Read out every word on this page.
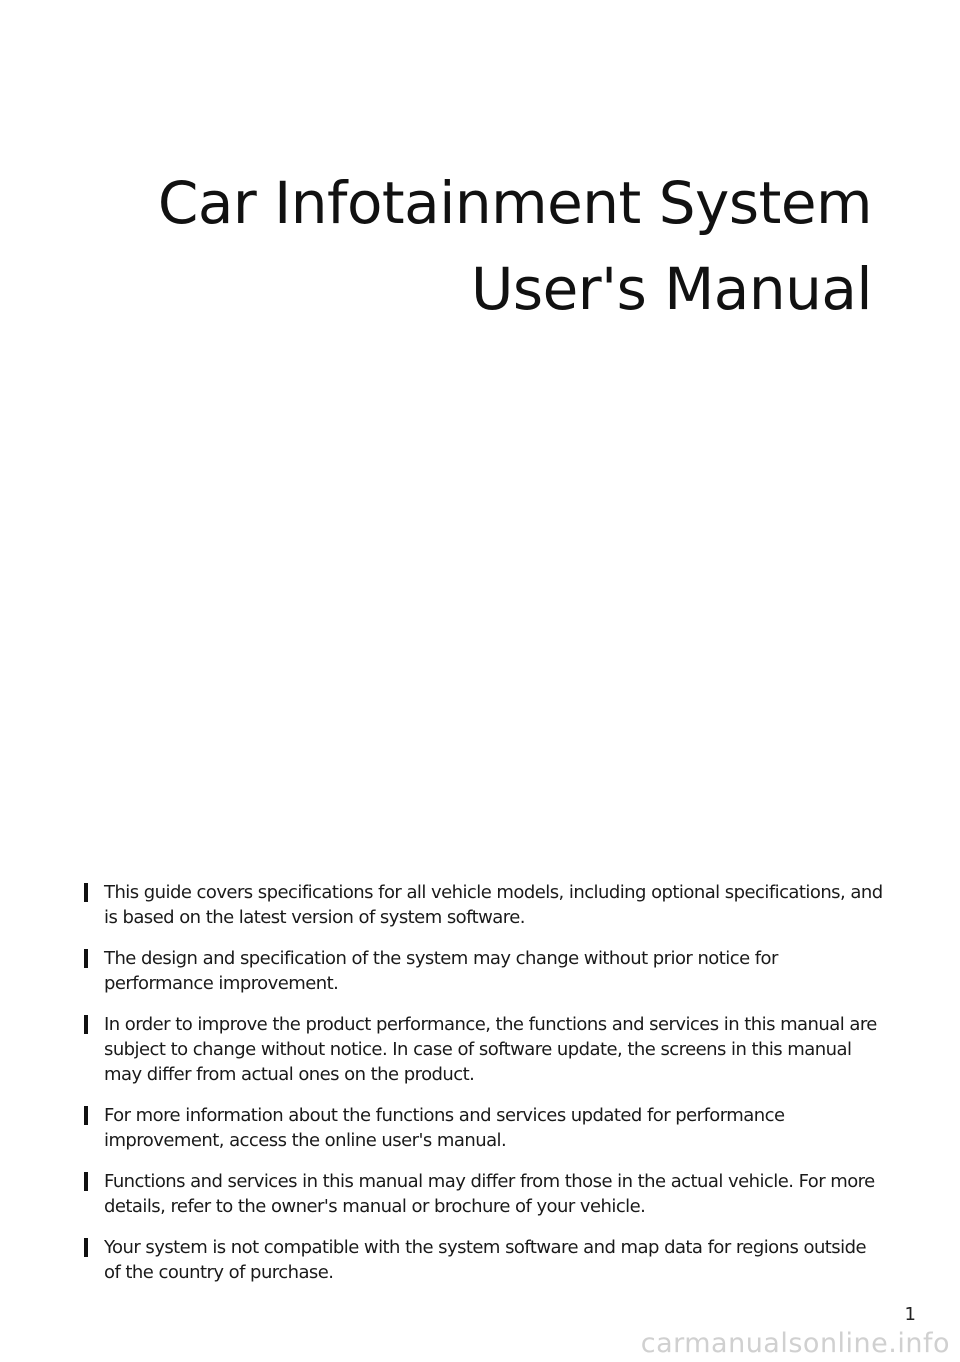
Car Infotainment System
User's Manual
This guide covers specifications for all vehicle models, including optional specifications, and is based on the latest version of system software.
The design and specification of the system may change without prior notice for performance improvement.
In order to improve the product performance, the functions and services in this manual are subject to change without notice. In case of software update, the screens in this manual may differ from actual ones on the product.
For more information about the functions and services updated for performance improvement, access the online user's manual.
Functions and services in this manual may differ from those in the actual vehicle. For more details, refer to the owner's manual or brochure of your vehicle.
Your system is not compatible with the system software and map data for regions outside of the country of purchase.
1
carmanualsonline.info
